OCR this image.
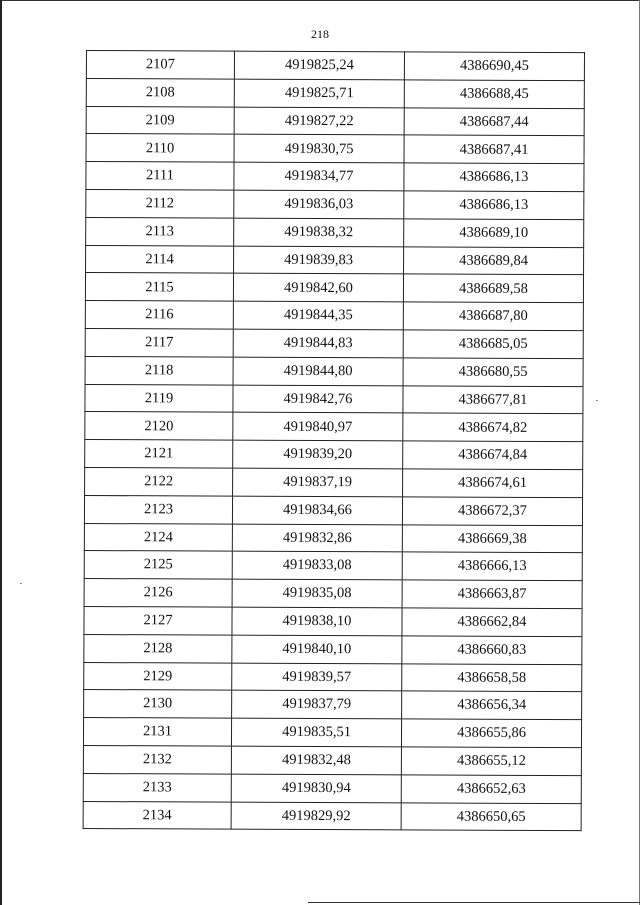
218
2107	4919825,24	4386690,45
2108	4919825,71	4386688,45
2109	4919827,22	4386687,44
2110	4919830,75	4386687,41
2111	4919834,77	4386686,13
2112	4919836,03	4386686,13
2113	4919838,32	4386689,10
2114	4919839,83	4386689,84
2115	4919842,60	4386689,58
2116	4919844,35	4386687,80
2117	4919844,83	4386685,05
2118	4919844,80	4386680,55
2119	4919842,76	4386677,81
2120	4919840,97	4386674,82
2121	4919839,20	4386674,84
2122	4919837,19	4386674,61
2123	4919834,66	4386672,37
2124	4919832,86	4386669,38
2125	4919833,08	4386666,13
2126	4919835,08	4386663,87
2127	4919838,10	4386662,84
2128	4919840,10	4386660,83
2129	4919839,57	4386658,58
2130	4919837,79	4386656,34
2131	4919835,51	4386655,86
2132	4919832,48	4386655,12
2133	4919830,94	4386652,63
2134	4919829,92	4386650,65
